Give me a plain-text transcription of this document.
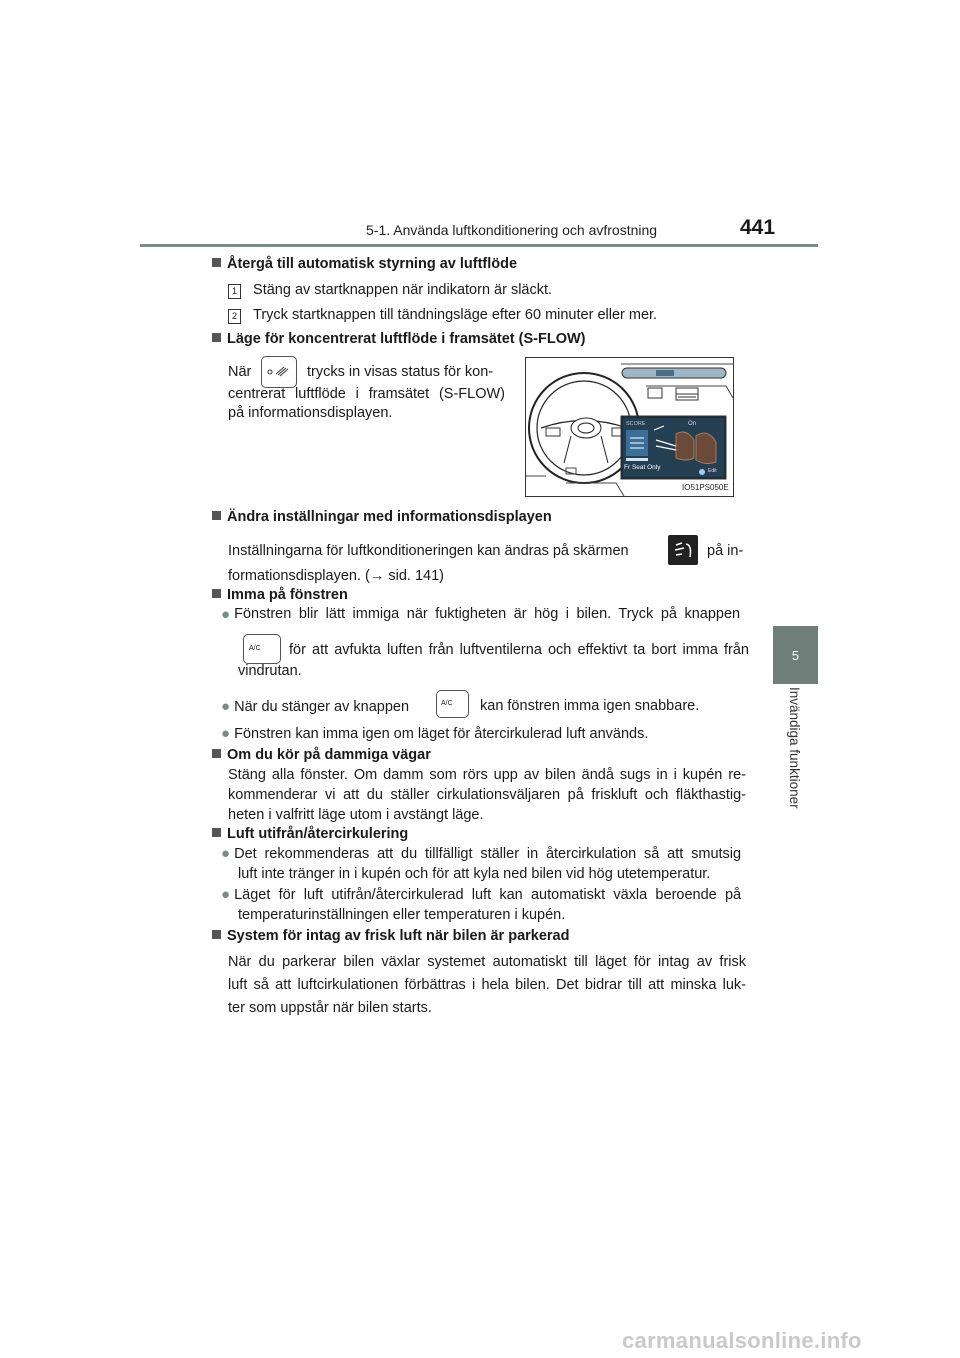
5-1. Använda luftkonditionering och avfrostning	441
5
Invändiga funktioner
Återgå till automatisk styrning av luftflöde
1 Stäng av startknappen när indikatorn är släckt.
2 Tryck startknappen till tändningsläge efter 60 minuter eller mer.
Läge för koncentrerat luftflöde i framsätet (S-FLOW)
När	trycks in visas status för kon-
centrerat luftflöde i framsätet (S-FLOW)
på informationsdisplayen.
SCORE	On
Fr Seat Only	Edit
IO51PS050E
Ändra inställningar med informationsdisplayen
Inställningarna för luftkonditioneringen kan ändras på skärmen	på in-
formationsdisplayen. (→ sid. 141)
Imma på fönstren
● Fönstren blir lätt immiga när fuktigheten är hög i bilen. Tryck på knappen
A/C för att avfukta luften från luftventilerna och effektivt ta bort imma från
vindrutan.
● När du stänger av knappen	A/C kan fönstren imma igen snabbare.
● Fönstren kan imma igen om läget för återcirkulerad luft används.
Om du kör på dammiga vägar
Stäng alla fönster. Om damm som rörs upp av bilen ändå sugs in i kupén re-
kommenderar vi att du ställer cirkulationsväljaren på friskluft och fläkthastig-
heten i valfritt läge utom i avstängt läge.
Luft utifrån/återcirkulering
● Det rekommenderas att du tillfälligt ställer in återcirkulation så att smutsig
luft inte tränger in i kupén och för att kyla ned bilen vid hög utetemperatur.
● Läget för luft utifrån/återcirkulerad luft kan automatiskt växla beroende på
temperaturinställningen eller temperaturen i kupén.
System för intag av frisk luft när bilen är parkerad
När du parkerar bilen växlar systemet automatiskt till läget för intag av frisk
luft så att luftcirkulationen förbättras i hela bilen. Det bidrar till att minska luk-
ter som uppstår när bilen starts.
carmanualsonline.info
